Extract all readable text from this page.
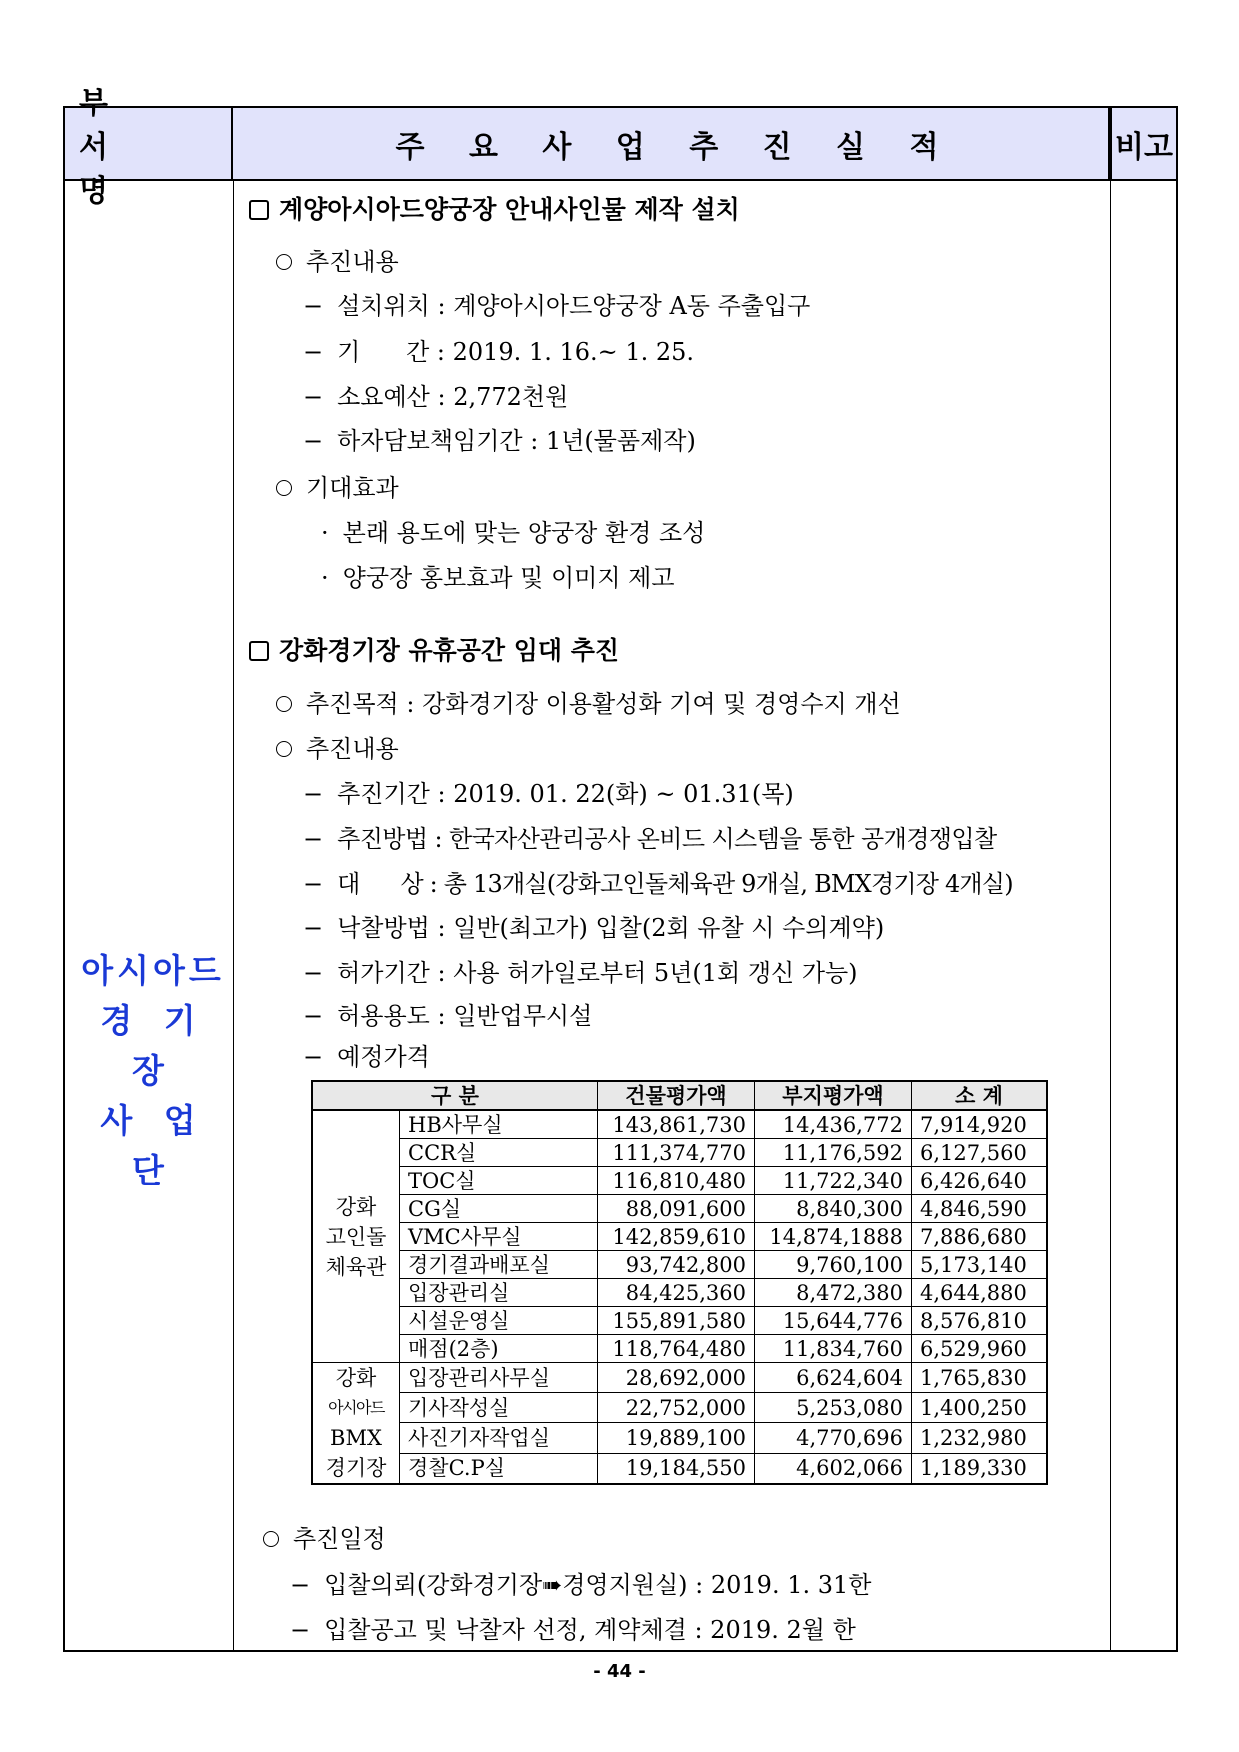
부 서 명
주 요 사 업 추 진 실 적	비고
아시아드
경 기 장
사 업 단
계양아시아드양궁장 안내사인물 제작 설치
추진내용
− 설치위치 : 계양아시아드양궁장 A동 주출입구
− 기      간 : 2019. 1. 16.~ 1. 25.
− 소요예산 : 2,772천원
− 하자담보책임기간 : 1년(물품제작)
기대효과
· 본래 용도에 맞는 양궁장 환경 조성
· 양궁장 홍보효과 및 이미지 제고
강화경기장 유휴공간 임대 추진
추진목적 : 강화경기장 이용활성화 기여 및 경영수지 개선
추진내용
− 추진기간 : 2019. 01. 22(화) ~ 01.31(목)
− 추진방법 : 한국자산관리공사 온비드 시스템을 통한 공개경쟁입찰
− 대      상 : 총 13개실(강화고인돌체육관 9개실, BMX경기장 4개실)
− 낙찰방법 : 일반(최고가) 입찰(2회 유찰 시 수의계약)
− 허가기간 : 사용 허가일로부터 5년(1회 갱신 가능)
− 허용용도 : 일반업무시설
− 예정가격
구 분		건물평가액	부지평가액	소 계

강화
고인돌
체육관	HB사무실	143,861,730	14,436,772	7,914,920
	CCR실	111,374,770	11,176,592	6,127,560
	TOC실	116,810,480	11,722,340	6,426,640
	CG실	88,091,600	8,840,300	4,846,590
	VMC사무실	142,859,610	14,874,1888	7,886,680
	경기결과배포실	93,742,800	9,760,100	5,173,140
	입장관리실	84,425,360	8,472,380	4,644,880
	시설운영실	155,891,580	15,644,776	8,576,810
	매점(2층)	118,764,480	11,834,760	6,529,960

강화
아시아드
BMX
경기장	입장관리사무실	28,692,000	6,624,604	1,765,830
	기사작성실	22,752,000	5,253,080	1,400,250
	사진기자작업실	19,889,100	4,770,696	1,232,980
	경찰C.P실	19,184,550	4,602,066	1,189,330
추진일정
− 입찰의뢰(강화경기장➠경영지원실) : 2019. 1. 31한
− 입찰공고 및 낙찰자 선정, 계약체결 : 2019. 2월 한
- 44 -
